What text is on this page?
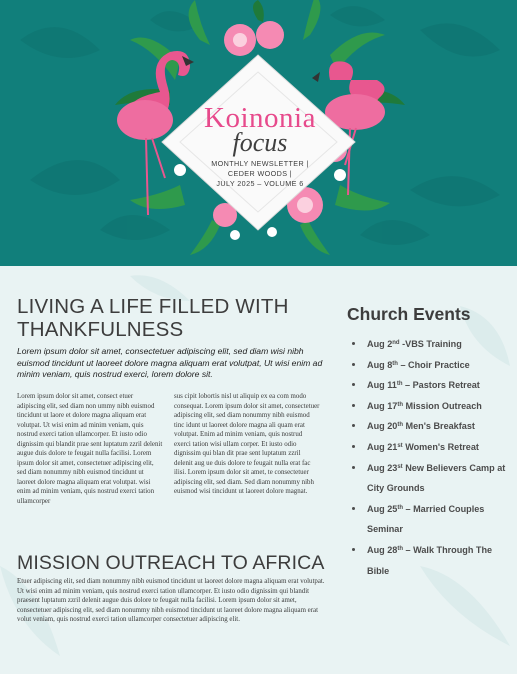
Koinonia
focus
MONTHLY NEWSLETTER |
CEDER WOODS |
JULY 2025 – VOLUME 6
LIVING A LIFE FILLED WITH THANKFULNESS

Lorem ipsum dolor sit amet, consectetuer adipiscing elit, sed diam wisi nibh euismod tincidunt ut laoreet dolore magna aliquam erat volutpat, Ut wisi enim ad minim veniam, quis nostrud exerci, lorem dolore sit.

Lorem ipsum dolor sit amet, consect etuer adipiscing elit, sed diam non ummy nibh euismod tincidunt ut laore et dolore magna aliquam erat volutpat. Ut wisi enim ad minim veniam, quis nostrud exerci tation ullamcorper. Et iusto odio dignissim qui blandit prae sent luptatum zzril delenit augue duis dolore te feugait nulla facilisi. Lorem ipsum dolor sit amet, consectetuer adipiscing elit, sed diam nonummy nibh euismod tincidunt ut laoreet dolore magna aliquam erat volutpat. wisi enim ad minim veniam, quis nostrud exerci tation ullamcorper

sus cipit lobortis nisl ut aliquip ex ea com modo consequat. Lorem ipsum dolor sit amet, consectetuer adipiscing elit, sed diam nonummy nibh euismod tinc idunt ut laoreet dolore magna ali quam erat volutpat. Enim ad minim veniam, quis nostrud exerci tation wisi ullam corper. Et iusto odio dignissim qui blan dit prae sent luptatum zzril delenit aug ue duis dolore te feugait nulla erat fac ilisi. Lorem ipsum dolor sit amet, te consectetuer adipiscing elit, sed diam. Sed diam nonummy nibh euismod wisi tincidunt ut laoreet dolore magnat.

MISSION OUTREACH TO AFRICA

Etuer adipiscing elit, sed diam nonummy nibh euismod tincidunt ut laoreet dolore magna aliquam erat volutpat. Ut wisi enim ad minim veniam, quis nostrud exerci tation ullamcorper. Et iusto odio dignissim qui blandit praesent luptatum zzril delenit augue duis dolore te feugait nulla facilisi. Lorem ipsum dolor sit amet, consectetuer adipiscing elit, sed diam nonummy nibh euismod tincidunt ut laoreet dolore magna aliquam erat volut veniam, quis nostrud exerci tation ullamcorper consectetuer adipiscing elit.

Church Events
Aug 2nd -VBS Training
Aug 8th – Choir Practice
Aug 11th – Pastors Retreat
Aug 17th Mission Outreach
Aug 20th Men's Breakfast
Aug 21st Women's Retreat
Aug 23st New Believers Camp at City Grounds
Aug 25th – Married Couples Seminar
Aug 28th – Walk Through The Bible
